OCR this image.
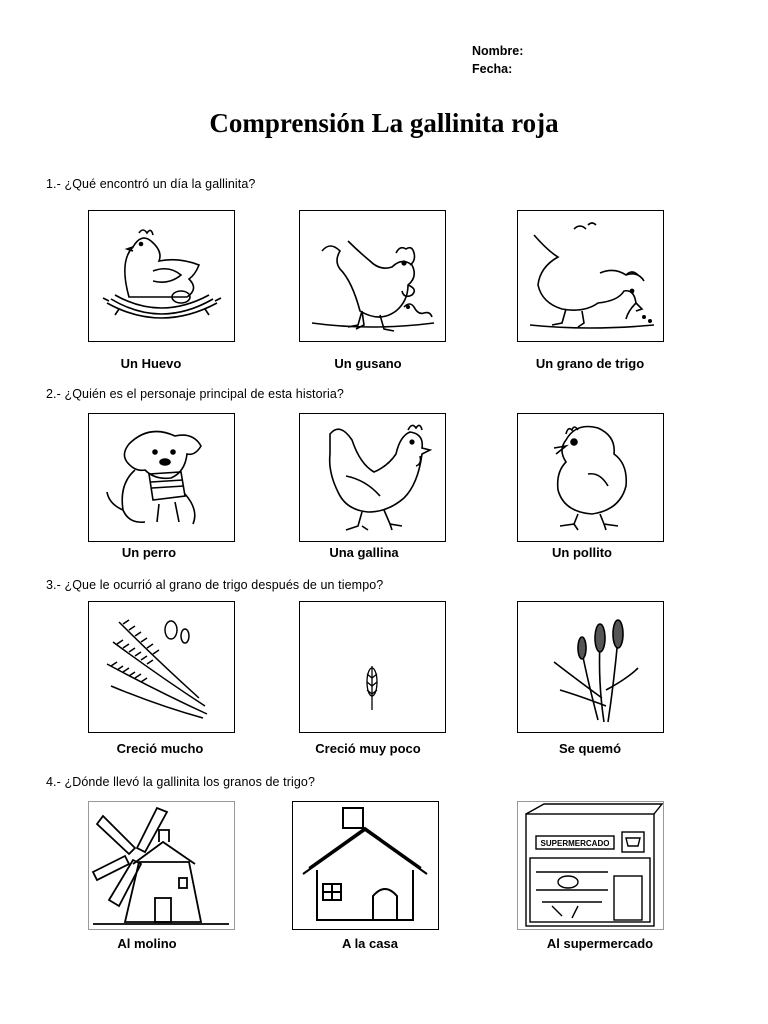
Nombre:
Fecha:
Comprensión La gallinita roja
1.- ¿Qué encontró un día la gallinita?
Un Huevo	Un gusano	Un grano de trigo
2.- ¿Quién es el personaje principal de esta historia?
Un perro	Una gallina	Un pollito
3.- ¿Que le ocurrió al grano de trigo después de un tiempo?
Creció mucho	Creció muy poco	Se quemó
4.- ¿Dónde llevó la gallinita los granos de trigo?
SUPERMERCADO
Al molino	A la casa	Al supermercado
